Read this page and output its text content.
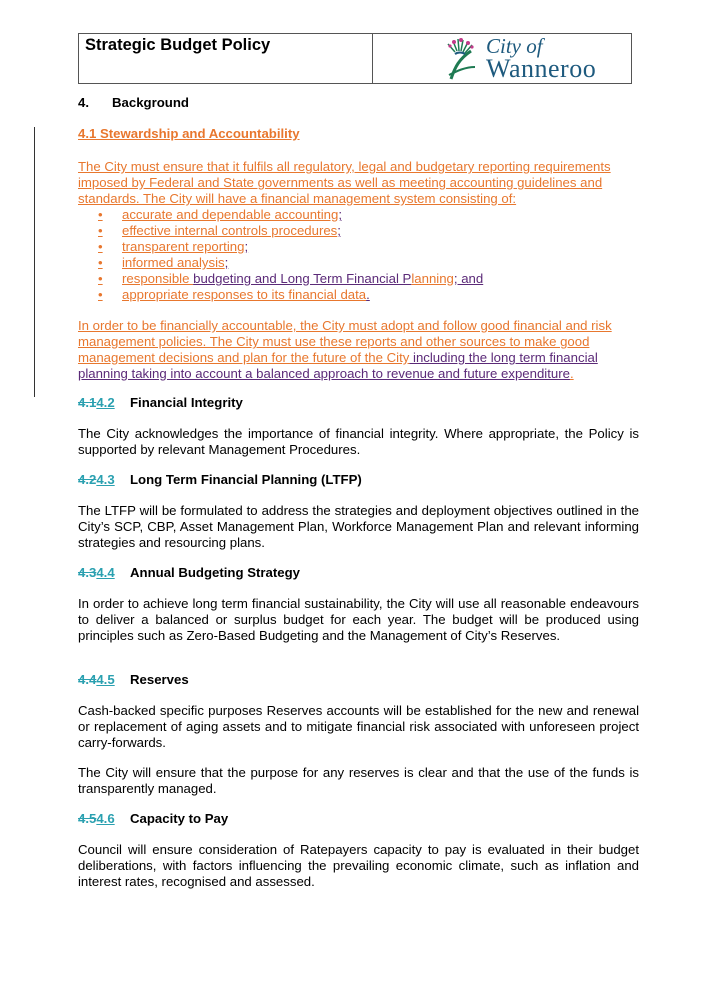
Strategic Budget Policy	City of
Wanneroo
4. Background
4.1 Stewardship and Accountability
The City must ensure that it fulfils all regulatory, legal and budgetary reporting requirements imposed by Federal and State governments as well as meeting accounting guidelines and standards. The City will have a financial management system consisting of:
• accurate and dependable accounting;
• effective internal controls procedures;
• transparent reporting;
• informed analysis;
• responsible budgeting and Long Term Financial Planning; and
• appropriate responses to its financial data.
In order to be financially accountable, the City must adopt and follow good financial and risk management policies. The City must use these reports and other sources to make good management decisions and plan for the future of the City including the long term financial planning taking into account a balanced approach to revenue and future expenditure.
4.14.2 Financial Integrity
The City acknowledges the importance of financial integrity. Where appropriate, the Policy is supported by relevant Management Procedures.
4.24.3 Long Term Financial Planning (LTFP)
The LTFP will be formulated to address the strategies and deployment objectives outlined in the City’s SCP, CBP, Asset Management Plan, Workforce Management Plan and relevant informing strategies and resourcing plans.
4.34.4 Annual Budgeting Strategy
In order to achieve long term financial sustainability, the City will use all reasonable endeavours to deliver a balanced or surplus budget for each year. The budget will be produced using principles such as Zero-Based Budgeting and the Management of City’s Reserves.
4.44.5 Reserves
Cash-backed specific purposes Reserves accounts will be established for the new and renewal or replacement of aging assets and to mitigate financial risk associated with unforeseen project carry-forwards.
The City will ensure that the purpose for any reserves is clear and that the use of the funds is transparently managed.
4.54.6 Capacity to Pay
Council will ensure consideration of Ratepayers capacity to pay is evaluated in their budget deliberations, with factors influencing the prevailing economic climate, such as inflation and interest rates, recognised and assessed.
